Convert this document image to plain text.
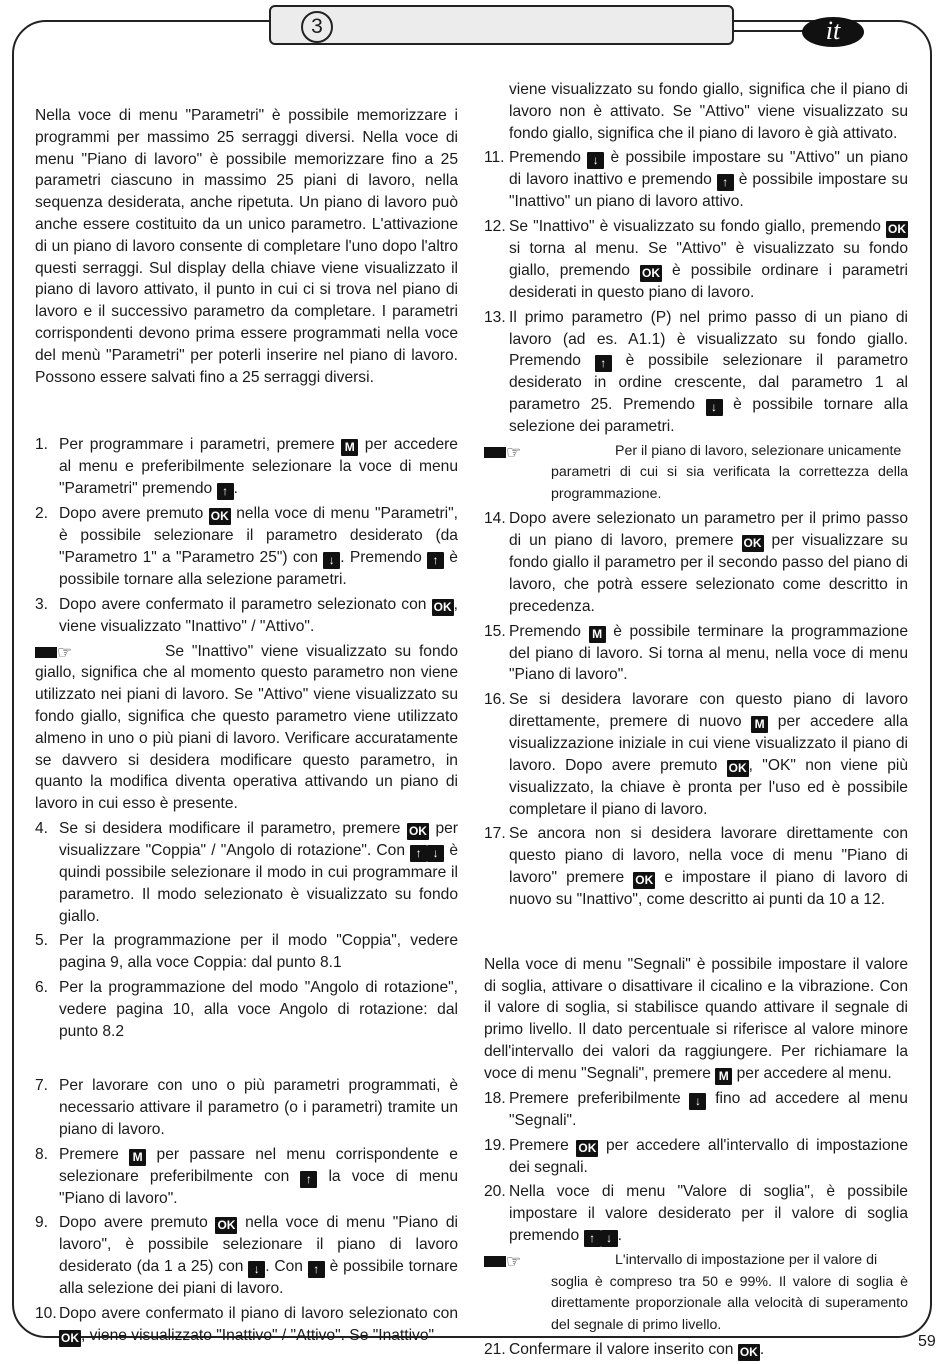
3	it
59

Nella voce di menu "Parametri" è possibile memorizzare i programmi per massimo 25 serraggi diversi. Nella voce di menu "Piano di lavoro" è possibile memorizzare fino a 25 parametri ciascuno in massimo 25 piani di lavoro, nella sequenza desiderata, anche ripetuta. Un piano di lavoro può anche essere costituito da un unico parametro. L'attivazione di un piano di lavoro consente di completare l'uno dopo l'altro questi serraggi. Sul display della chiave viene visualizzato il piano di lavoro attivato, il punto in cui ci si trova nel piano di lavoro e il successivo parametro da completare. I parametri corrispondenti devono prima essere programmati nella voce del menù "Parametri" per poterli inserire nel piano di lavoro. Possono essere salvati fino a 25 serraggi diversi.

1. Per programmare i parametri, premere M per accedere al menu e preferibilmente selezionare la voce di menu "Parametri" premendo ↑ .
2. Dopo avere premuto OK nella voce di menu "Parametri", è possibile selezionare il parametro desiderato (da "Parametro 1" a "Parametro 25") con ↓ . Premendo ↑ è possibile tornare alla selezione parametri.
3. Dopo avere confermato il parametro selezionato con OK , viene visualizzato "Inattivo" / "Attivo".
☞	Se "Inattivo" viene visualizzato su fondo giallo, significa che al momento questo parametro non viene utilizzato nei piani di lavoro. Se "Attivo" viene visualizzato su fondo giallo, significa che questo parametro viene utilizzato almeno in uno o più piani di lavoro. Verificare accuratamente se davvero si desidera modificare questo parametro, in quanto la modifica diventa operativa attivando un piano di lavoro in cui esso è presente.

4. Se si desidera modificare il parametro, premere OK per visualizzare "Coppia" / "Angolo di rotazione". Con ↑ ↓ è quindi possibile selezionare il modo in cui programmare il parametro. Il modo selezionato è visualizzato su fondo giallo.
5. Per la programmazione per il modo "Coppia", vedere pagina 9, alla voce Coppia: dal punto 8.1
6. Per la programmazione del modo "Angolo di rotazione", vedere pagina 10, alla voce Angolo di rotazione: dal punto 8.2
7. Per lavorare con uno o più parametri programmati, è necessario attivare il parametro (o i parametri) tramite un piano di lavoro.
8. Premere M per passare nel menu corrispondente e selezionare preferibilmente con ↑ la voce di menu "Piano di lavoro".
9. Dopo avere premuto OK nella voce di menu "Piano di lavoro", è possibile selezionare il piano di lavoro desiderato (da 1 a 25) con ↓ . Con ↑ è possibile tornare alla selezione dei piani di lavoro.
10. Dopo avere confermato il piano di lavoro selezionato con OK , viene visualizzato "Inattivo" / "Attivo". Se "Inattivo"

viene visualizzato su fondo giallo, significa che il piano di lavoro non è attivato. Se "Attivo" viene visualizzato su fondo giallo, significa che il piano di lavoro è già attivato.

11. Premendo ↓ è possibile impostare su "Attivo" un piano di lavoro inattivo e premendo ↑ è possibile impostare su "Inattivo" un piano di lavoro attivo.
12. Se "Inattivo" è visualizzato su fondo giallo, premendo OK si torna al menu. Se "Attivo" è visualizzato su fondo giallo, premendo OK è possibile ordinare i parametri desiderati in questo piano di lavoro.
13. Il primo parametro (P) nel primo passo di un piano di lavoro (ad es. A1.1) è visualizzato su fondo giallo. Premendo ↑ è possibile selezionare il parametro desiderato in ordine crescente, dal parametro 1 al parametro 25. Premendo ↓ è possibile tornare alla selezione dei parametri.
☞	Per il piano di lavoro, selezionare unicamente
parametri di cui si sia verificata la correttezza della programmazione.
14. Dopo avere selezionato un parametro per il primo passo di un piano di lavoro, premere OK per visualizzare su fondo giallo il parametro per il secondo passo del piano di lavoro, che potrà essere selezionato come descritto in precedenza.
15. Premendo M è possibile terminare la programmazione del piano di lavoro. Si torna al menu, nella voce di menu "Piano di lavoro".
16. Se si desidera lavorare con questo piano di lavoro direttamente, premere di nuovo M per accedere alla visualizzazione iniziale in cui viene visualizzato il piano di lavoro. Dopo avere premuto OK , "OK" non viene più visualizzato, la chiave è pronta per l'uso ed è possibile completare il piano di lavoro.
17. Se ancora non si desidera lavorare direttamente con questo piano di lavoro, nella voce di menu "Piano di lavoro" premere OK e impostare il piano di lavoro di nuovo su "Inattivo", come descritto ai punti da 10 a 12.

Nella voce di menu "Segnali" è possibile impostare il valore di soglia, attivare o disattivare il cicalino e la vibrazione. Con il valore di soglia, si stabilisce quando attivare il segnale di primo livello. Il dato percentuale si riferisce al valore minore dell'intervallo dei valori da raggiungere. Per richiamare la voce di menu "Segnali", premere M per accedere al menu.

18. Premere preferibilmente ↓ fino ad accedere al menu "Segnali".
19. Premere OK per accedere all'intervallo di impostazione dei segnali.
20. Nella voce di menu "Valore di soglia", è possibile impostare il valore desiderato per il valore di soglia premendo ↑ ↓ .
☞	L'intervallo di impostazione per il valore di
soglia è compreso tra 50 e 99%. Il valore di soglia è direttamente proporzionale alla velocità di superamento del segnale di primo livello.
21. Confermare il valore inserito con OK .
